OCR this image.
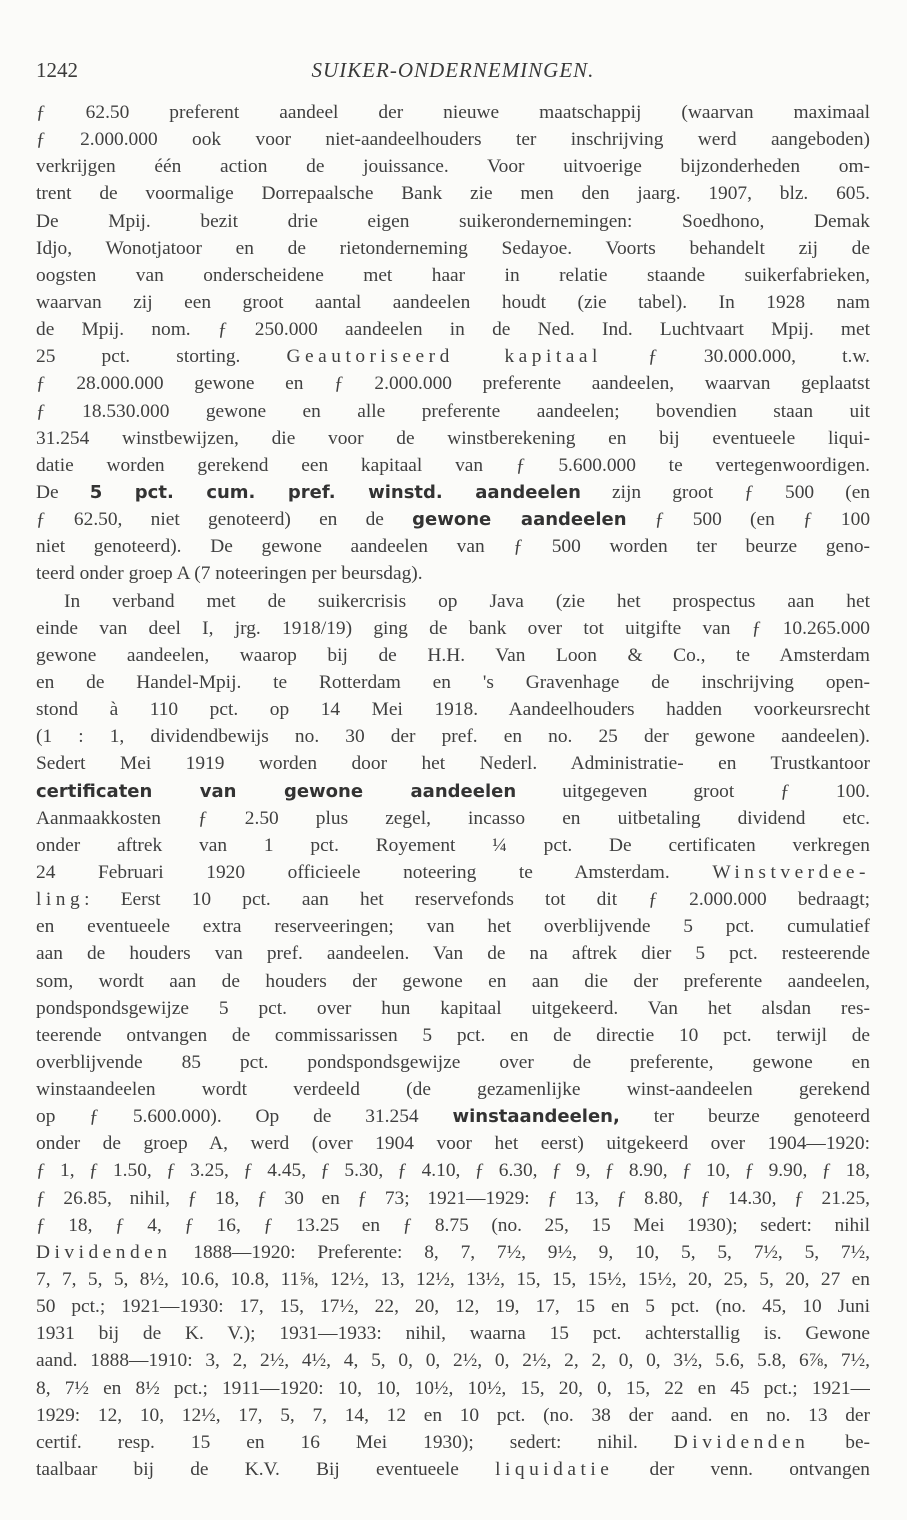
1242	SUIKER-ONDERNEMINGEN.
ƒ 62.50 preferent aandeel der nieuwe maatschappij (waarvan maximaal
ƒ 2.000.000 ook voor niet-aandeelhouders ter inschrijving werd aangeboden)
verkrijgen één action de jouissance. Voor uitvoerige bijzonderheden om-
trent de voormalige Dorrepaalsche Bank zie men den jaarg. 1907, blz. 605.
De Mpij. bezit drie eigen suikerondernemingen: Soedhono, Demak
Idjo, Wonotjatoor en de rietonderneming Sedayoe. Voorts behandelt zij de
oogsten van onderscheidene met haar in relatie staande suikerfabrieken,
waarvan zij een groot aantal aandeelen houdt (zie tabel). In 1928 nam
de Mpij. nom. ƒ 250.000 aandeelen in de Ned. Ind. Luchtvaart Mpij. met
25 pct. storting. Geautoriseerd kapitaal ƒ 30.000.000, t.w.
ƒ 28.000.000 gewone en ƒ 2.000.000 preferente aandeelen, waarvan geplaatst
ƒ 18.530.000 gewone en alle preferente aandeelen; bovendien staan uit
31.254 winstbewijzen, die voor de winstberekening en bij eventueele liqui-
datie worden gerekend een kapitaal van ƒ 5.600.000 te vertegenwoordigen.
De 5 pct. cum. pref. winstd. aandeelen zijn groot ƒ 500 (en
ƒ 62.50, niet genoteerd) en de gewone aandeelen ƒ 500 (en ƒ 100
niet genoteerd). De gewone aandeelen van ƒ 500 worden ter beurze geno-
teerd onder groep A (7 noteeringen per beursdag).
In verband met de suikercrisis op Java (zie het prospectus aan het
einde van deel I, jrg. 1918/19) ging de bank over tot uitgifte van ƒ 10.265.000
gewone aandeelen, waarop bij de H.H. Van Loon & Co., te Amsterdam
en de Handel-Mpij. te Rotterdam en 's Gravenhage de inschrijving open-
stond à 110 pct. op 14 Mei 1918. Aandeelhouders hadden voorkeursrecht
(1 : 1, dividendbewijs no. 30 der pref. en no. 25 der gewone aandeelen).
Sedert Mei 1919 worden door het Nederl. Administratie- en Trustkantoor
certificaten van gewone aandeelen uitgegeven groot ƒ 100.
Aanmaakkosten ƒ 2.50 plus zegel, incasso en uitbetaling dividend etc.
onder aftrek van 1 pct. Royement ¼ pct. De certificaten verkregen
24 Februari 1920 officieele noteering te Amsterdam. Winstverdee-
ling: Eerst 10 pct. aan het reservefonds tot dit ƒ 2.000.000 bedraagt;
en eventueele extra reserveeringen; van het overblijvende 5 pct. cumulatief
aan de houders van pref. aandeelen. Van de na aftrek dier 5 pct. resteerende
som, wordt aan de houders der gewone en aan die der preferente aandeelen,
pondspondsgewijze 5 pct. over hun kapitaal uitgekeerd. Van het alsdan res-
teerende ontvangen de commissarissen 5 pct. en de directie 10 pct. terwijl de
overblijvende 85 pct. pondspondsgewijze over de preferente, gewone en
winstaandeelen wordt verdeeld (de gezamenlijke winst-aandeelen gerekend
op ƒ 5.600.000). Op de 31.254 winstaandeelen, ter beurze genoteerd
onder de groep A, werd (over 1904 voor het eerst) uitgekeerd over 1904—1920:
ƒ 1, ƒ 1.50, ƒ 3.25, ƒ 4.45, ƒ 5.30, ƒ 4.10, ƒ 6.30, ƒ 9, ƒ 8.90, ƒ 10, ƒ 9.90, ƒ 18,
ƒ 26.85, nihil, ƒ 18, ƒ 30 en ƒ 73; 1921—1929: ƒ 13, ƒ 8.80, ƒ 14.30, ƒ 21.25,
ƒ 18, ƒ 4, ƒ 16, ƒ 13.25 en ƒ 8.75 (no. 25, 15 Mei 1930); sedert: nihil
Dividenden 1888—1920: Preferente: 8, 7, 7½, 9½, 9, 10, 5, 5, 7½, 5, 7½,
7, 7, 5, 5, 8½, 10.6, 10.8, 11⅝, 12½, 13, 12½, 13½, 15, 15, 15½, 15½, 20, 25, 5, 20, 27 en
50 pct.; 1921—1930: 17, 15, 17½, 22, 20, 12, 19, 17, 15 en 5 pct. (no. 45, 10 Juni
1931 bij de K. V.); 1931—1933: nihil, waarna 15 pct. achterstallig is. Gewone
aand. 1888—1910: 3, 2, 2½, 4½, 4, 5, 0, 0, 2½, 0, 2½, 2, 2, 0, 0, 3½, 5.6, 5.8, 6⅞, 7½,
8, 7½ en 8½ pct.; 1911—1920: 10, 10, 10½, 10½, 15, 20, 0, 15, 22 en 45 pct.; 1921—
1929: 12, 10, 12½, 17, 5, 7, 14, 12 en 10 pct. (no. 38 der aand. en no. 13 der
certif. resp. 15 en 16 Mei 1930); sedert: nihil. Dividenden be-
taalbaar bij de K.V. Bij eventueele liquidatie der venn. ontvangen
